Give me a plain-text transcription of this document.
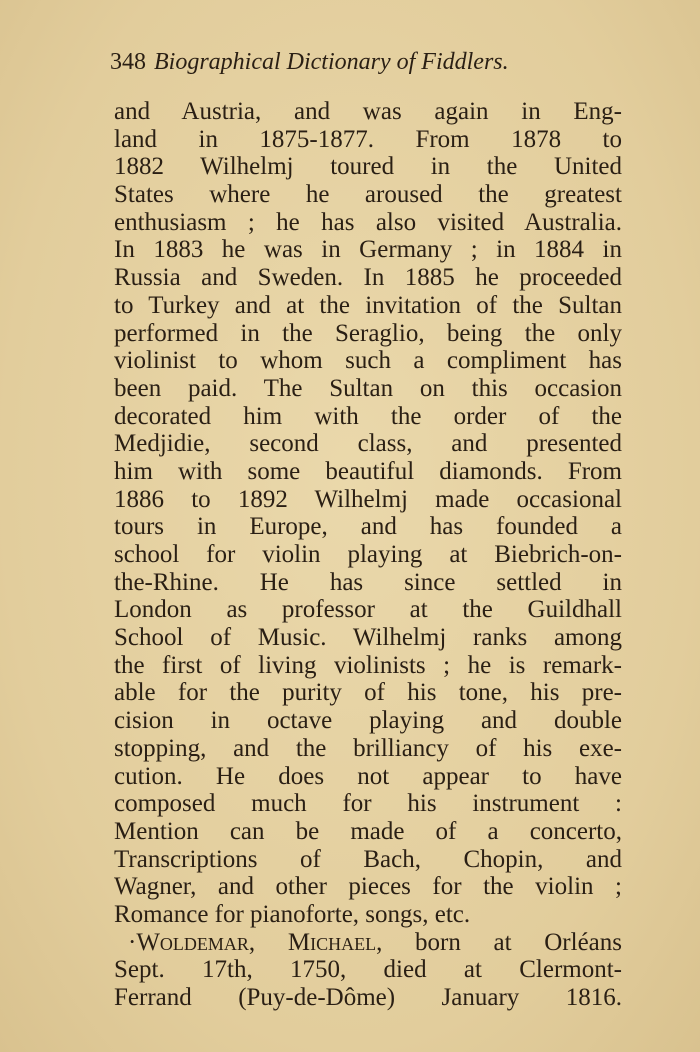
348 Biographical Dictionary of Fiddlers.
and Austria, and was again in Eng-
land in 1875-1877. From 1878 to
1882 Wilhelmj toured in the United
States where he aroused the greatest
enthusiasm ; he has also visited Australia.
In 1883 he was in Germany ; in 1884 in
Russia and Sweden. In 1885 he proceeded
to Turkey and at the invitation of the Sultan
performed in the Seraglio, being the only
violinist to whom such a compliment has
been paid. The Sultan on this occasion
decorated him with the order of the
Medjidie, second class, and presented
him with some beautiful diamonds. From
1886 to 1892 Wilhelmj made occasional
tours in Europe, and has founded a
school for violin playing at Biebrich-on-
the-Rhine. He has since settled in
London as professor at the Guildhall
School of Music. Wilhelmj ranks among
the first of living violinists ; he is remark-
able for the purity of his tone, his pre-
cision in octave playing and double
stopping, and the brilliancy of his exe-
cution. He does not appear to have
composed much for his instrument :
Mention can be made of a concerto,
Transcriptions of Bach, Chopin, and
Wagner, and other pieces for the violin ;
Romance for pianoforte, songs, etc.
·Woldemar, Michael, born at Orléans
Sept. 17th, 1750, died at Clermont-
Ferrand (Puy-de-Dôme) January 1816.
